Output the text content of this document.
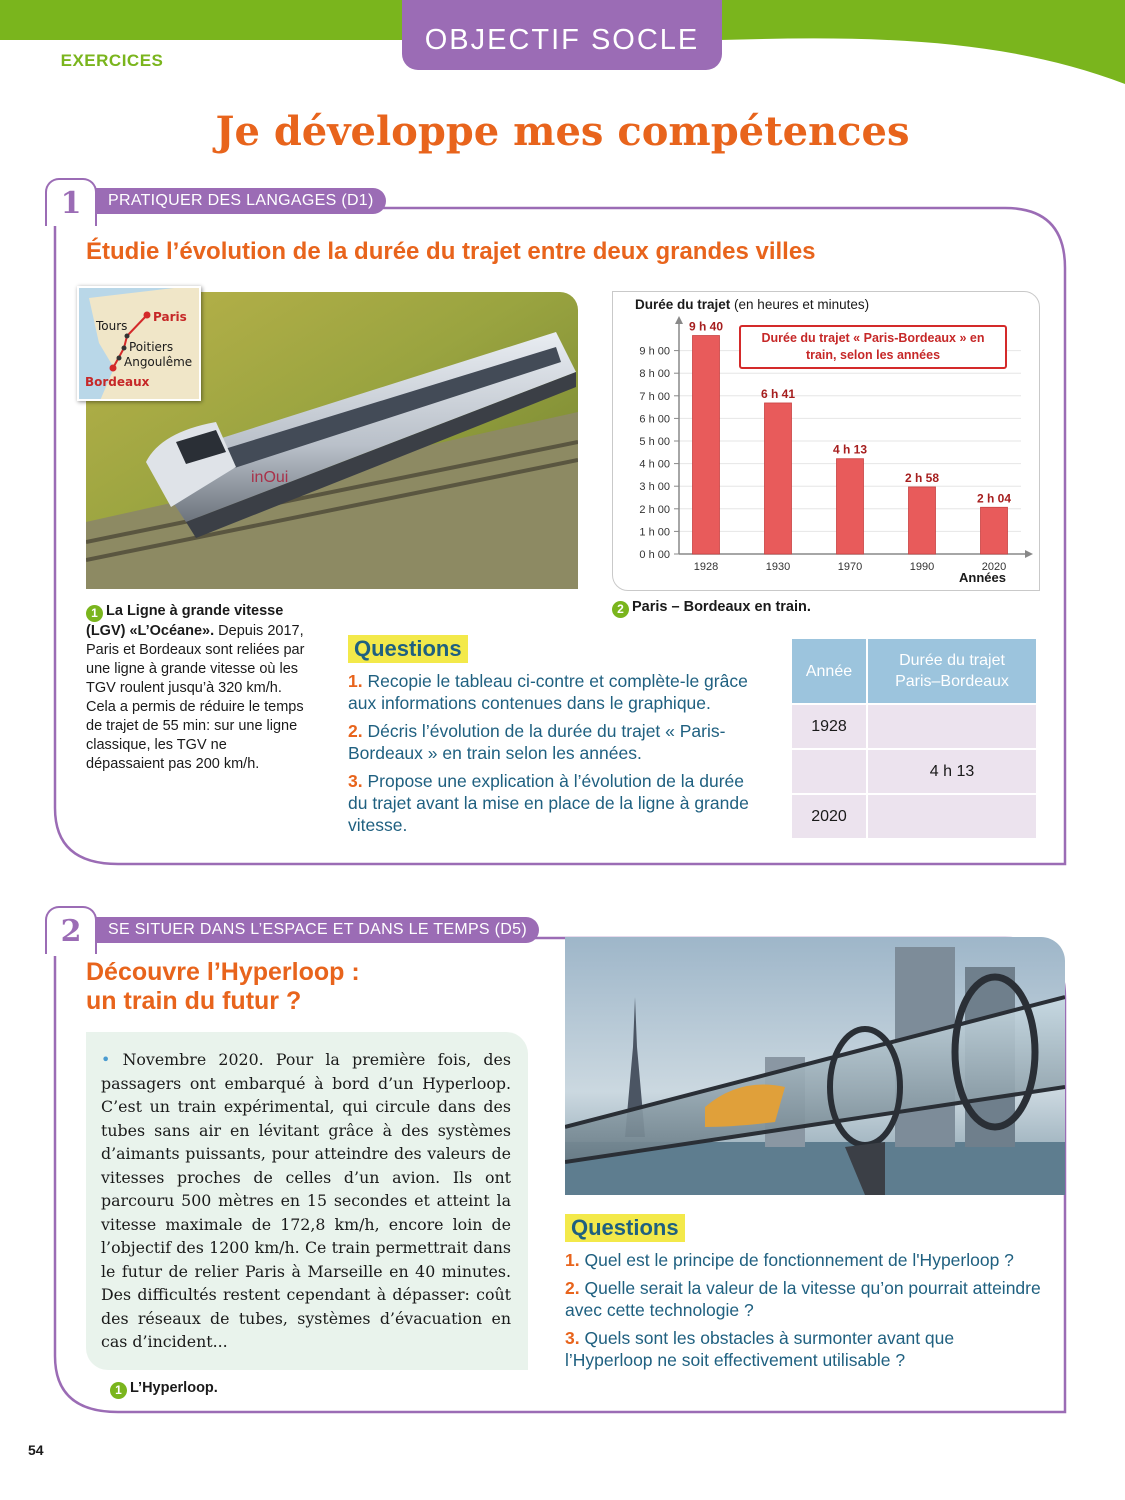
EXERCICES
OBJECTIF SOCLE
Je développe mes compétences
1	PRATIQUER DES LANGAGES (D1)
Étudie l’évolution de la durée du trajet entre deux grandes villes
inOui
Tours
Paris
Poitiers
Angoulême
Bordeaux
1 La Ligne à grande vitesse (LGV) «L’Océane». Depuis 2017, Paris et Bordeaux sont reliées par une ligne à grande vitesse où les TGV roulent jusqu’à 320 km/h. Cela a permis de réduire le temps de trajet de 55 min: sur une ligne classique, les TGV ne dépassaient pas 200 km/h.
Durée du trajet (en heures et minutes)
0 h 00
1 h 00
2 h 00
3 h 00
4 h 00
5 h 00
6 h 00
7 h 00
8 h 00
9 h 00
9 h 40
1928
6 h 41
1930
4 h 13
1970
2 h 58
1990
2 h 04
2020
Durée du trajet « Paris-Bordeaux » en train, selon les années
Années
2 Paris – Bordeaux en train.
Questions
1. Recopie le tableau ci-contre et complète-le grâce aux informations contenues dans le graphique.
2. Décris l’évolution de la durée du trajet « Paris-Bordeaux » en train selon les années.
3. Propose une explication à l’évolution de la durée du trajet avant la mise en place de la ligne à grande vitesse.
Année	Durée du trajet Paris–Bordeaux
1928	
	4 h 13
2020	
2	SE SITUER DANS L’ESPACE ET DANS LE TEMPS (D5)
Découvre l’Hyperloop :
un train du futur ?
• Novembre 2020. Pour la première fois, des passagers ont embarqué à bord d’un Hyperloop. C’est un train expérimental, qui circule dans des tubes sans air en lévitant grâce à des systèmes d’aimants puissants, pour atteindre des valeurs de vitesses proches de celles d’un avion. Ils ont parcouru 500 mètres en 15 secondes et atteint la vitesse maximale de 172,8 km/h, encore loin de l’objectif des 1200 km/h. Ce train permettrait dans le futur de relier Paris à Marseille en 40 minutes. Des difficultés restent cependant à dépasser: coût des réseaux de tubes, systèmes d’évacuation en cas d’incident...
1 L’Hyperloop.
Questions
1. Quel est le principe de fonctionnement de l'Hyperloop ?
2. Quelle serait la valeur de la vitesse qu’on pourrait atteindre avec cette technologie ?
3. Quels sont les obstacles à surmonter avant que l’Hyperloop ne soit effectivement utilisable ?
54
